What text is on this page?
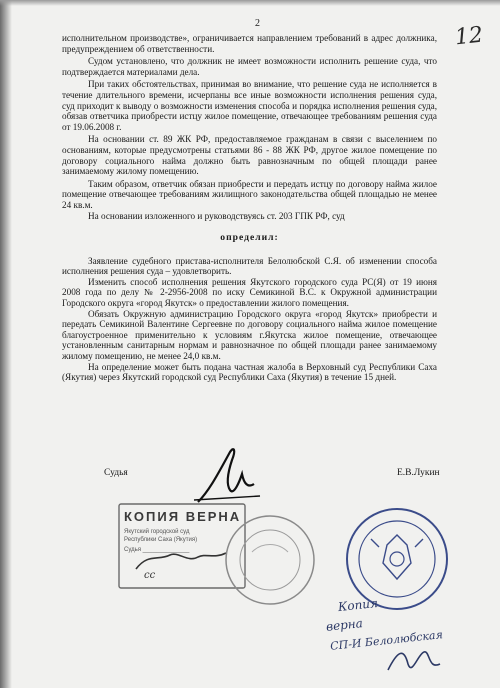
2	12

исполнительном производстве», ограничивается направлением требований в адрес должника, предупреждением об ответственности.

Судом установлено, что должник не имеет возможности исполнить решение суда, что подтверждается материалами дела.

При таких обстоятельствах, принимая во внимание, что решение суда не исполняется в течение длительного времени, исчерпаны все иные возможности исполнения решения суда, суд приходит к выводу о возможности изменения способа и порядка исполнения решения суда, обязав ответчика приобрести истцу жилое помещение, отвечающее требованиям решения суда от 19.06.2008 г.

На основании ст. 89 ЖК РФ, предоставляемое гражданам в связи с выселением по основаниям, которые предусмотрены статьями 86 - 88 ЖК РФ, другое жилое помещение по договору социального найма должно быть равнозначным по общей площади ранее занимаемому жилому помещению.

Таким образом, ответчик обязан приобрести и передать истцу по договору найма жилое помещение отвечающее требованиям жилищного законодательства общей площадью не менее 24 кв.м.

На основании изложенного и руководствуясь ст. 203 ГПК РФ, суд

определил:

Заявление судебного пристава-исполнителя Белолюбской С.Я. об изменении способа исполнения решения суда – удовлетворить.

Изменить способ исполнения решения Якутского городского суда РС(Я) от 19 июня 2008 года по делу № 2-2956-2008 по иску Семикиной В.С. к Окружной администрации Городского округа «город Якутск» о предоставлении жилого помещения.

Обязать Окружную администрацию Городского округа «город Якутск» приобрести и передать Семикиной Валентине Сергеевне по договору социального найма жилое помещение благоустроенное применительно к условиям г.Якутска жилое помещение, отвечающее установленным санитарным нормам и равнозначное по общей площади ранее занимаемому жилому помещению, не менее 24,0 кв.м.

На определение может быть подана частная жалоба в Верховный суд Республики Саха (Якутия) через Якутский городской суд Республики Саха (Якутия) в течение 15 дней.

Судья	Е.В.Лукин
КОПИЯ ВЕРНА
Якутский городской суд
Республики Саха (Якутия)
Судья ______________
сс
Копия
верна
СП-И Белолюбская
